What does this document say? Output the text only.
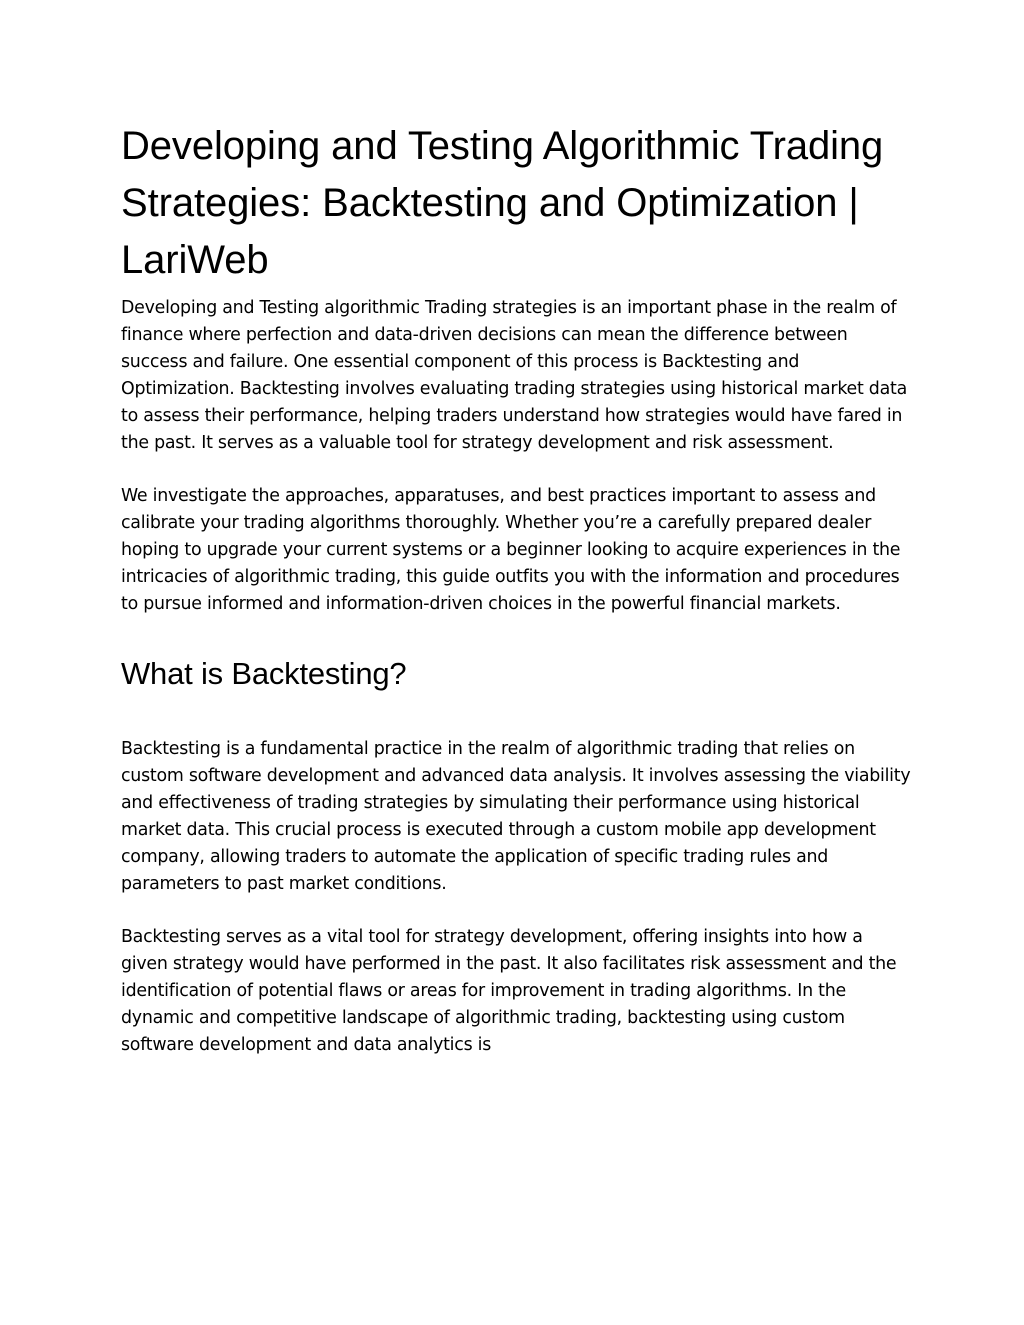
Developing and Testing Algorithmic Trading Strategies: Backtesting and Optimization | LariWeb

Developing and Testing algorithmic Trading strategies is an important phase in the realm of finance where perfection and data-driven decisions can mean the difference between success and failure. One essential component of this process is Backtesting and Optimization. Backtesting involves evaluating trading strategies using historical market data to assess their performance, helping traders understand how strategies would have fared in the past. It serves as a valuable tool for strategy development and risk assessment.

We investigate the approaches, apparatuses, and best practices important to assess and calibrate your trading algorithms thoroughly. Whether you’re a carefully prepared dealer hoping to upgrade your current systems or a beginner looking to acquire experiences in the intricacies of algorithmic trading, this guide outfits you with the information and procedures to pursue informed and information-driven choices in the powerful financial markets.

What is Backtesting?

Backtesting is a fundamental practice in the realm of algorithmic trading that relies on custom software development and advanced data analysis. It involves assessing the viability and effectiveness of trading strategies by simulating their performance using historical market data. This crucial process is executed through a custom mobile app development company, allowing traders to automate the application of specific trading rules and parameters to past market conditions.

Backtesting serves as a vital tool for strategy development, offering insights into how a given strategy would have performed in the past. It also facilitates risk assessment and the identification of potential flaws or areas for improvement in trading algorithms. In the dynamic and competitive landscape of algorithmic trading, backtesting using custom software development and data analytics is
